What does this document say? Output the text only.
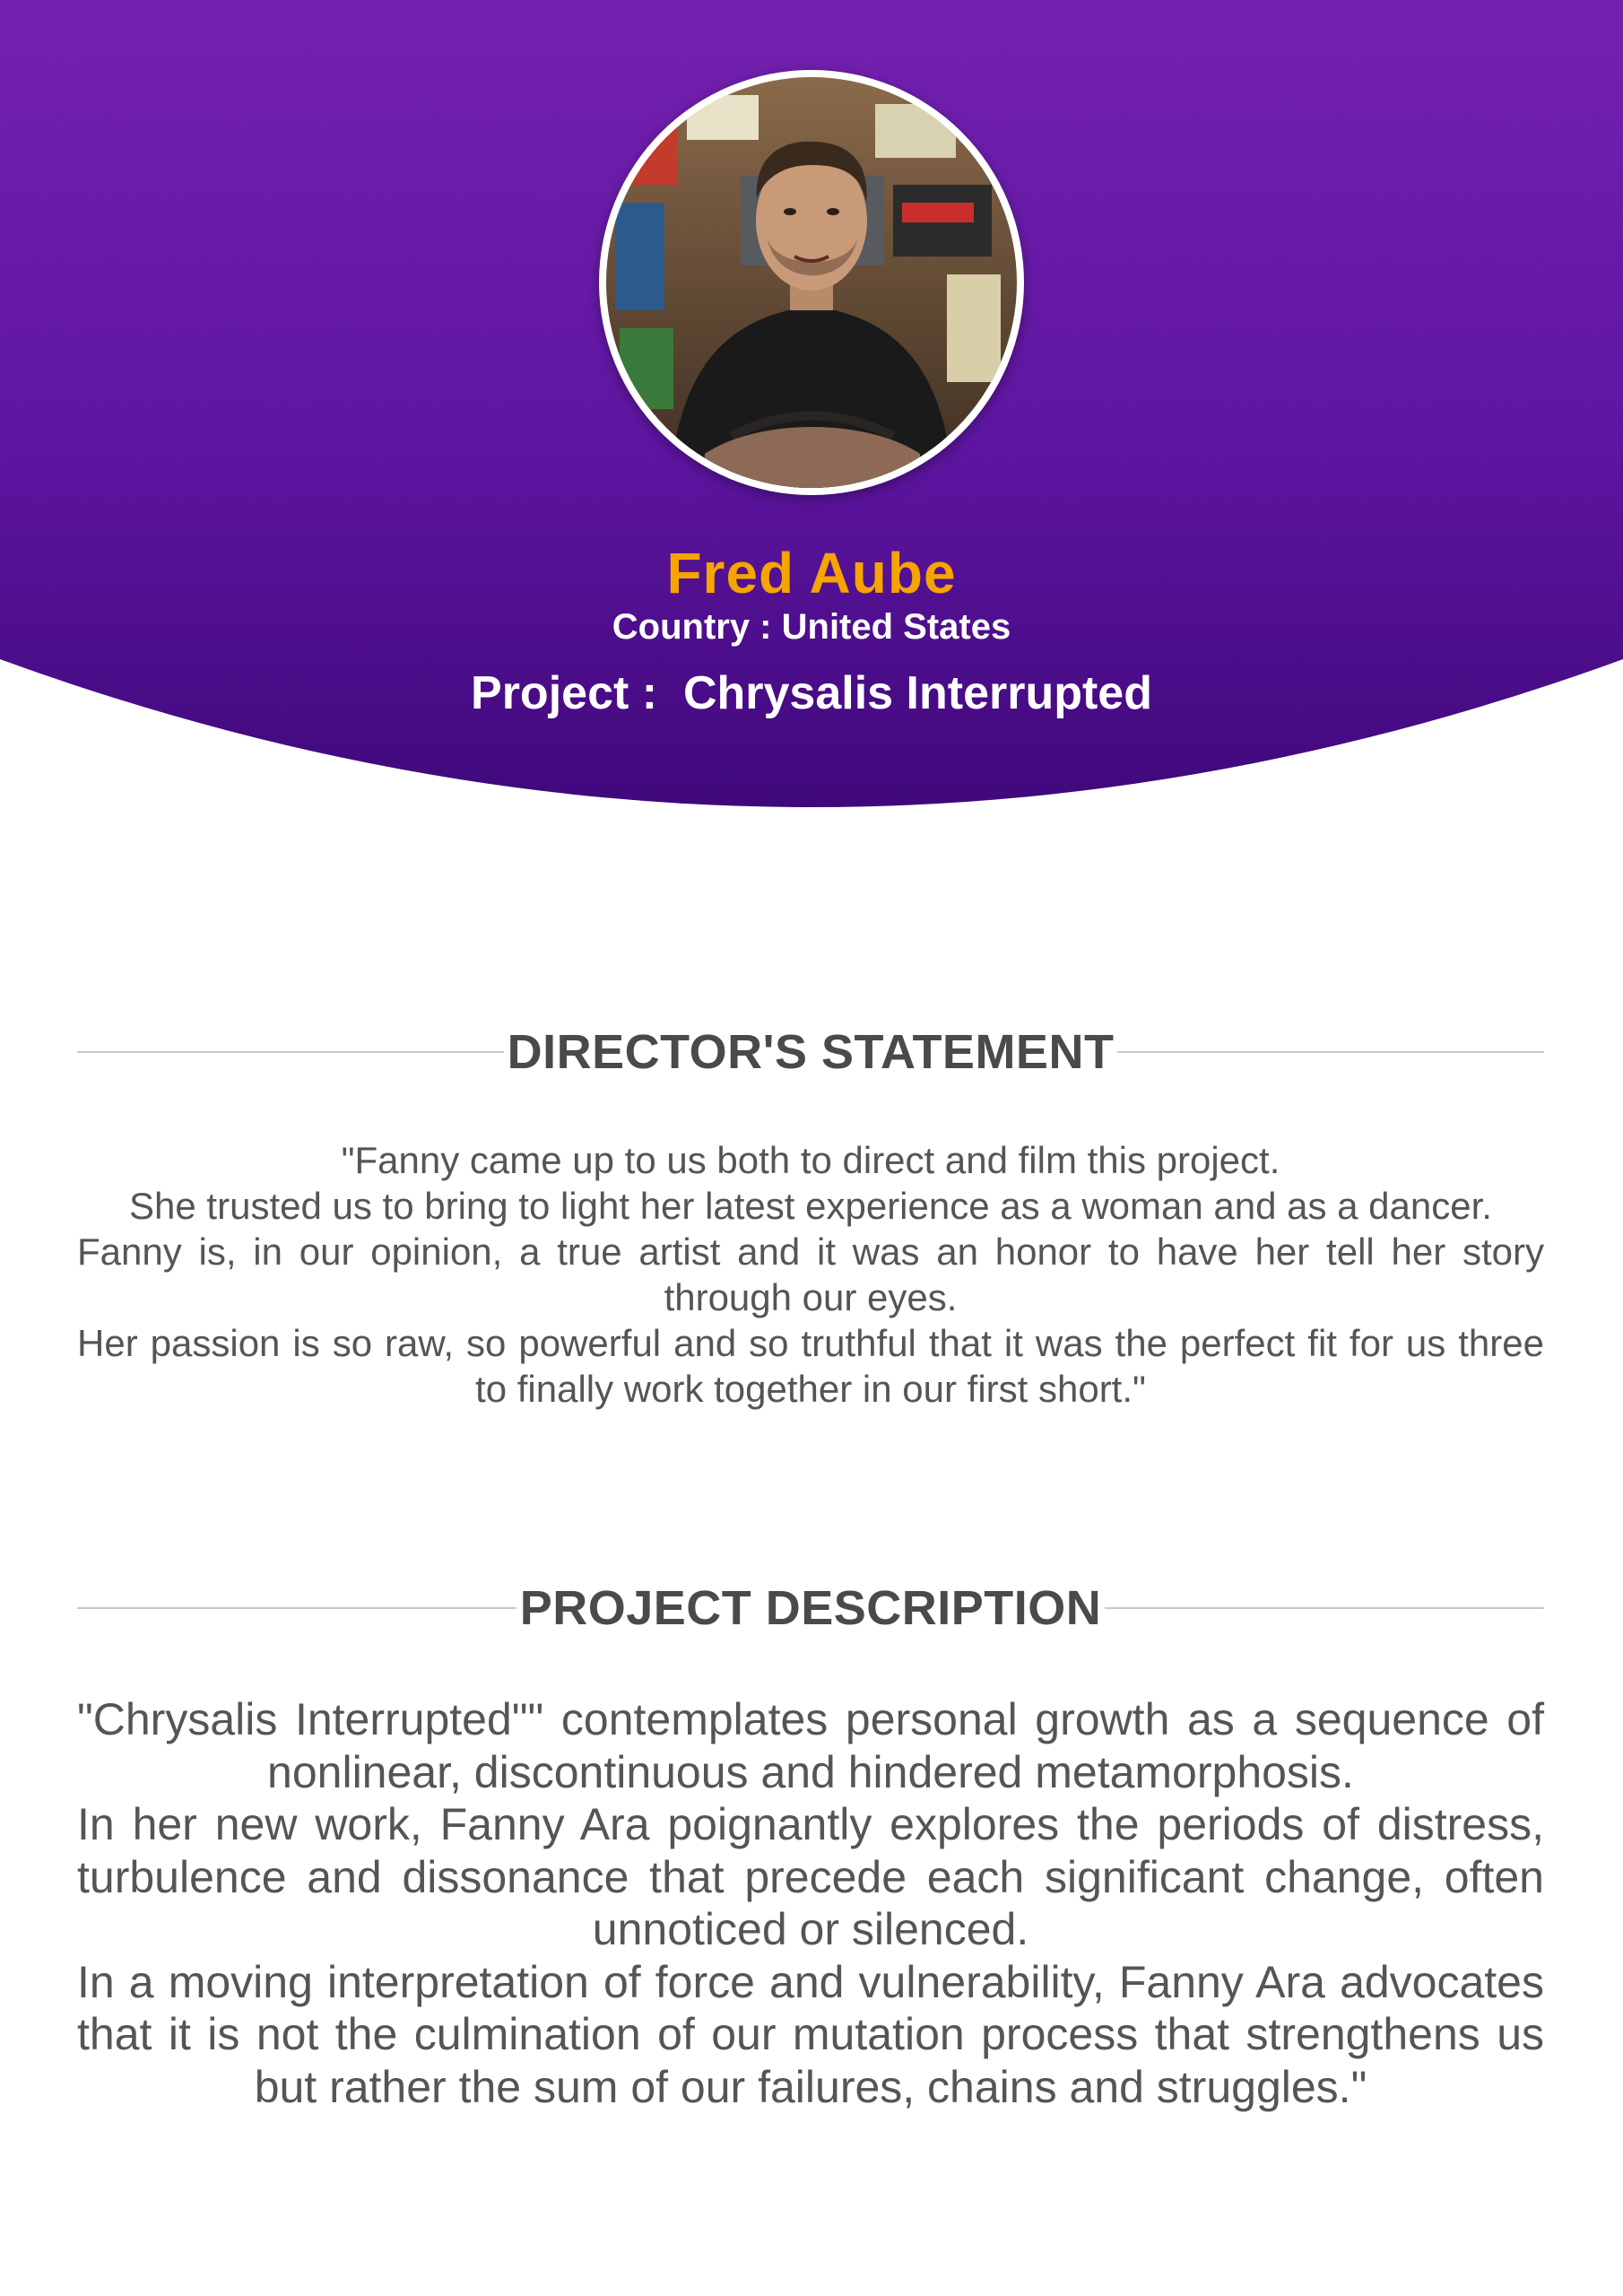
Fred Aube
Country : United States
Project :  Chrysalis Interrupted
DIRECTOR'S STATEMENT

"Fanny came up to us both to direct and film this project.

She trusted us to bring to light her latest experience as a woman and as a dancer.

Fanny is, in our opinion, a true artist and it was an honor to have her tell her story through our eyes.

Her passion is so raw, so powerful and so truthful that it was the perfect fit for us three to finally work together in our first short."

PROJECT DESCRIPTION

"Chrysalis Interrupted"" contemplates personal growth as a sequence of nonlinear, discontinuous and hindered metamorphosis.

In her new work, Fanny Ara poignantly explores the periods of distress, turbulence and dissonance that precede each significant change, often unnoticed or silenced.

In a moving interpretation of force and vulnerability, Fanny Ara advocates that it is not the culmination of our mutation process that strengthens us but rather the sum of our failures, chains and struggles."
